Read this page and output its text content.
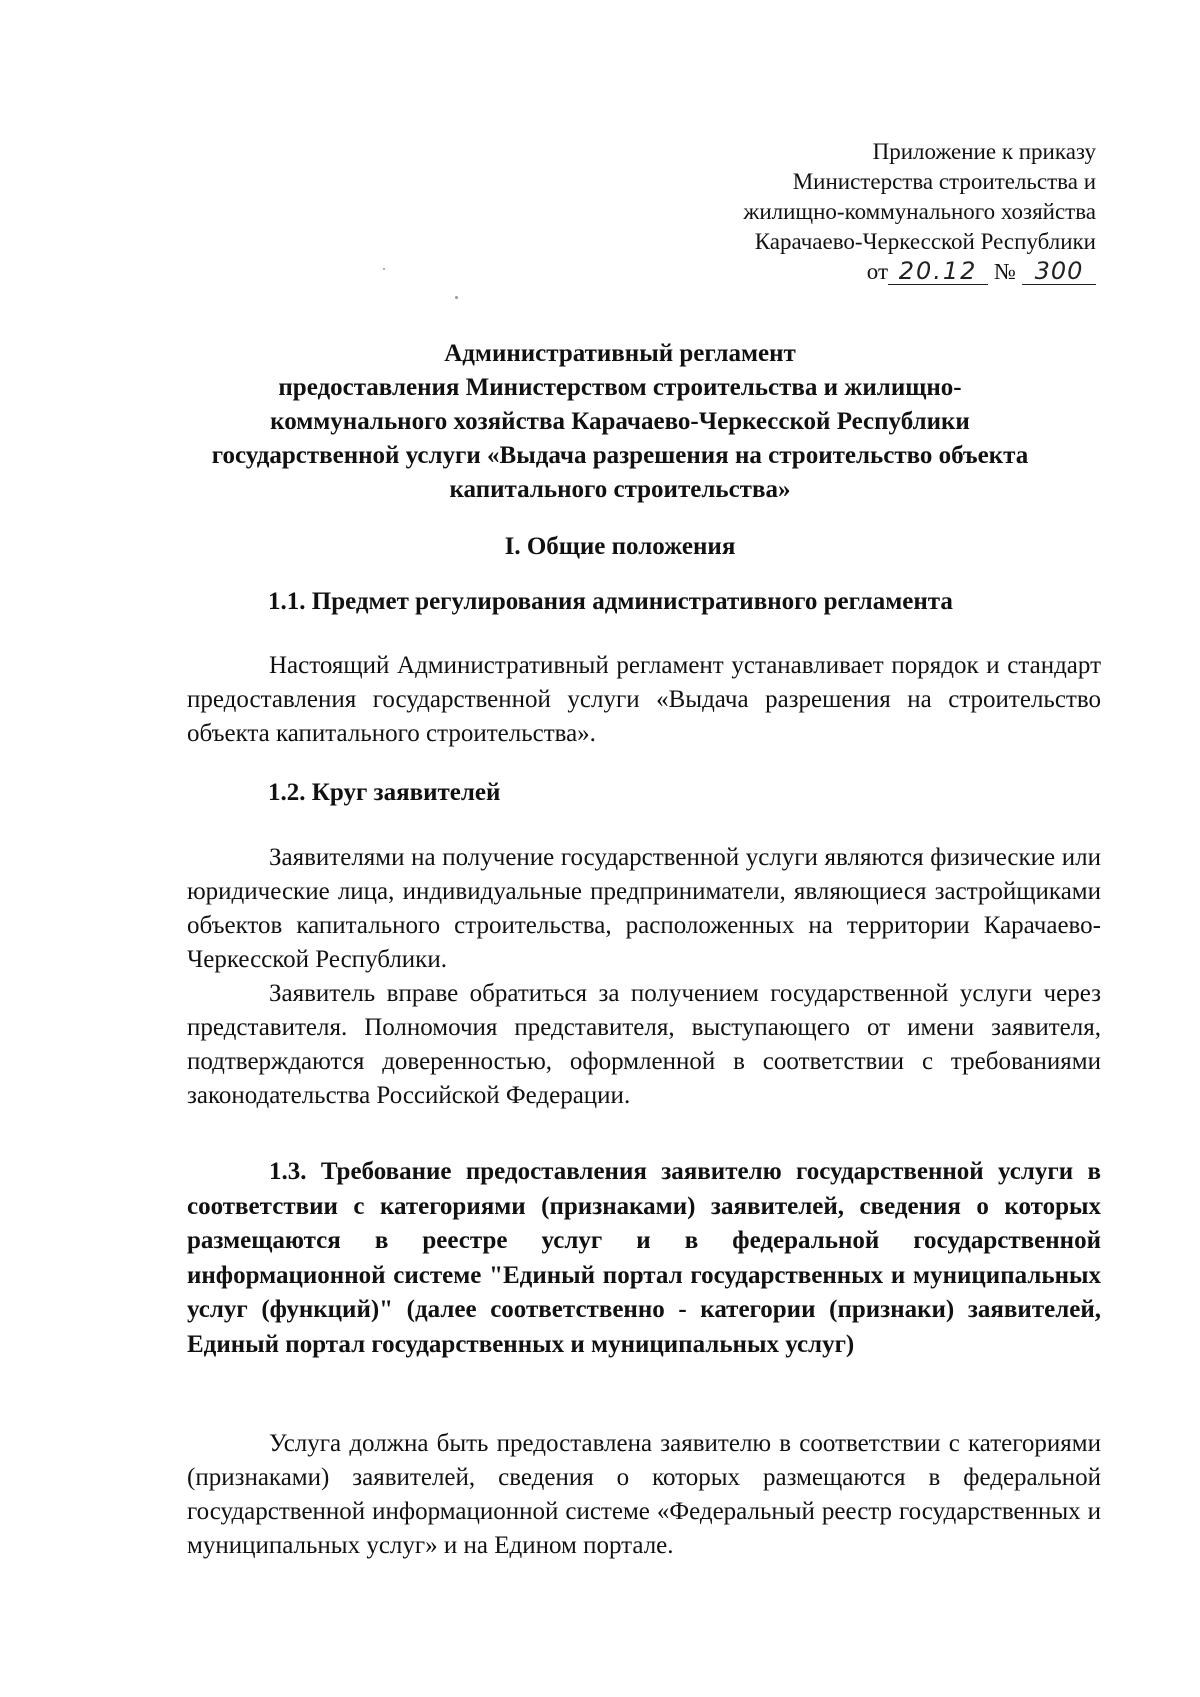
Приложение к приказу
Министерства строительства и
жилищно-коммунального хозяйства
Карачаево-Черкесской Республики
от 20.12 № 300
Административный регламент
предоставления Министерством строительства и жилищно-
коммунального хозяйства Карачаево-Черкесской Республики
государственной услуги «Выдача разрешения на строительство объекта
капитального строительства»
I. Общие положения
1.1. Предмет регулирования административного регламента
Настоящий Административный регламент устанавливает порядок и стандарт предоставления государственной услуги «Выдача разрешения на строительство объекта капитального строительства».
1.2. Круг заявителей
Заявителями на получение государственной услуги являются физические или юридические лица, индивидуальные предприниматели, являющиеся застройщиками объектов капитального строительства, расположенных на территории Карачаево-Черкесской Республики.
Заявитель вправе обратиться за получением государственной услуги через представителя. Полномочия представителя, выступающего от имени заявителя, подтверждаются доверенностью, оформленной в соответствии с требованиями законодательства Российской Федерации.
1.3. Требование предоставления заявителю государственной услуги в соответствии с категориями (признаками) заявителей, сведения о которых размещаются в реестре услуг и в федеральной государственной информационной системе "Единый портал государственных и муниципальных услуг (функций)" (далее соответственно - категории (признаки) заявителей, Единый портал государственных и муниципальных услуг)
Услуга должна быть предоставлена заявителю в соответствии с категориями (признаками) заявителей, сведения о которых размещаются в федеральной государственной информационной системе «Федеральный реестр государственных и муниципальных услуг» и на Едином портале.
